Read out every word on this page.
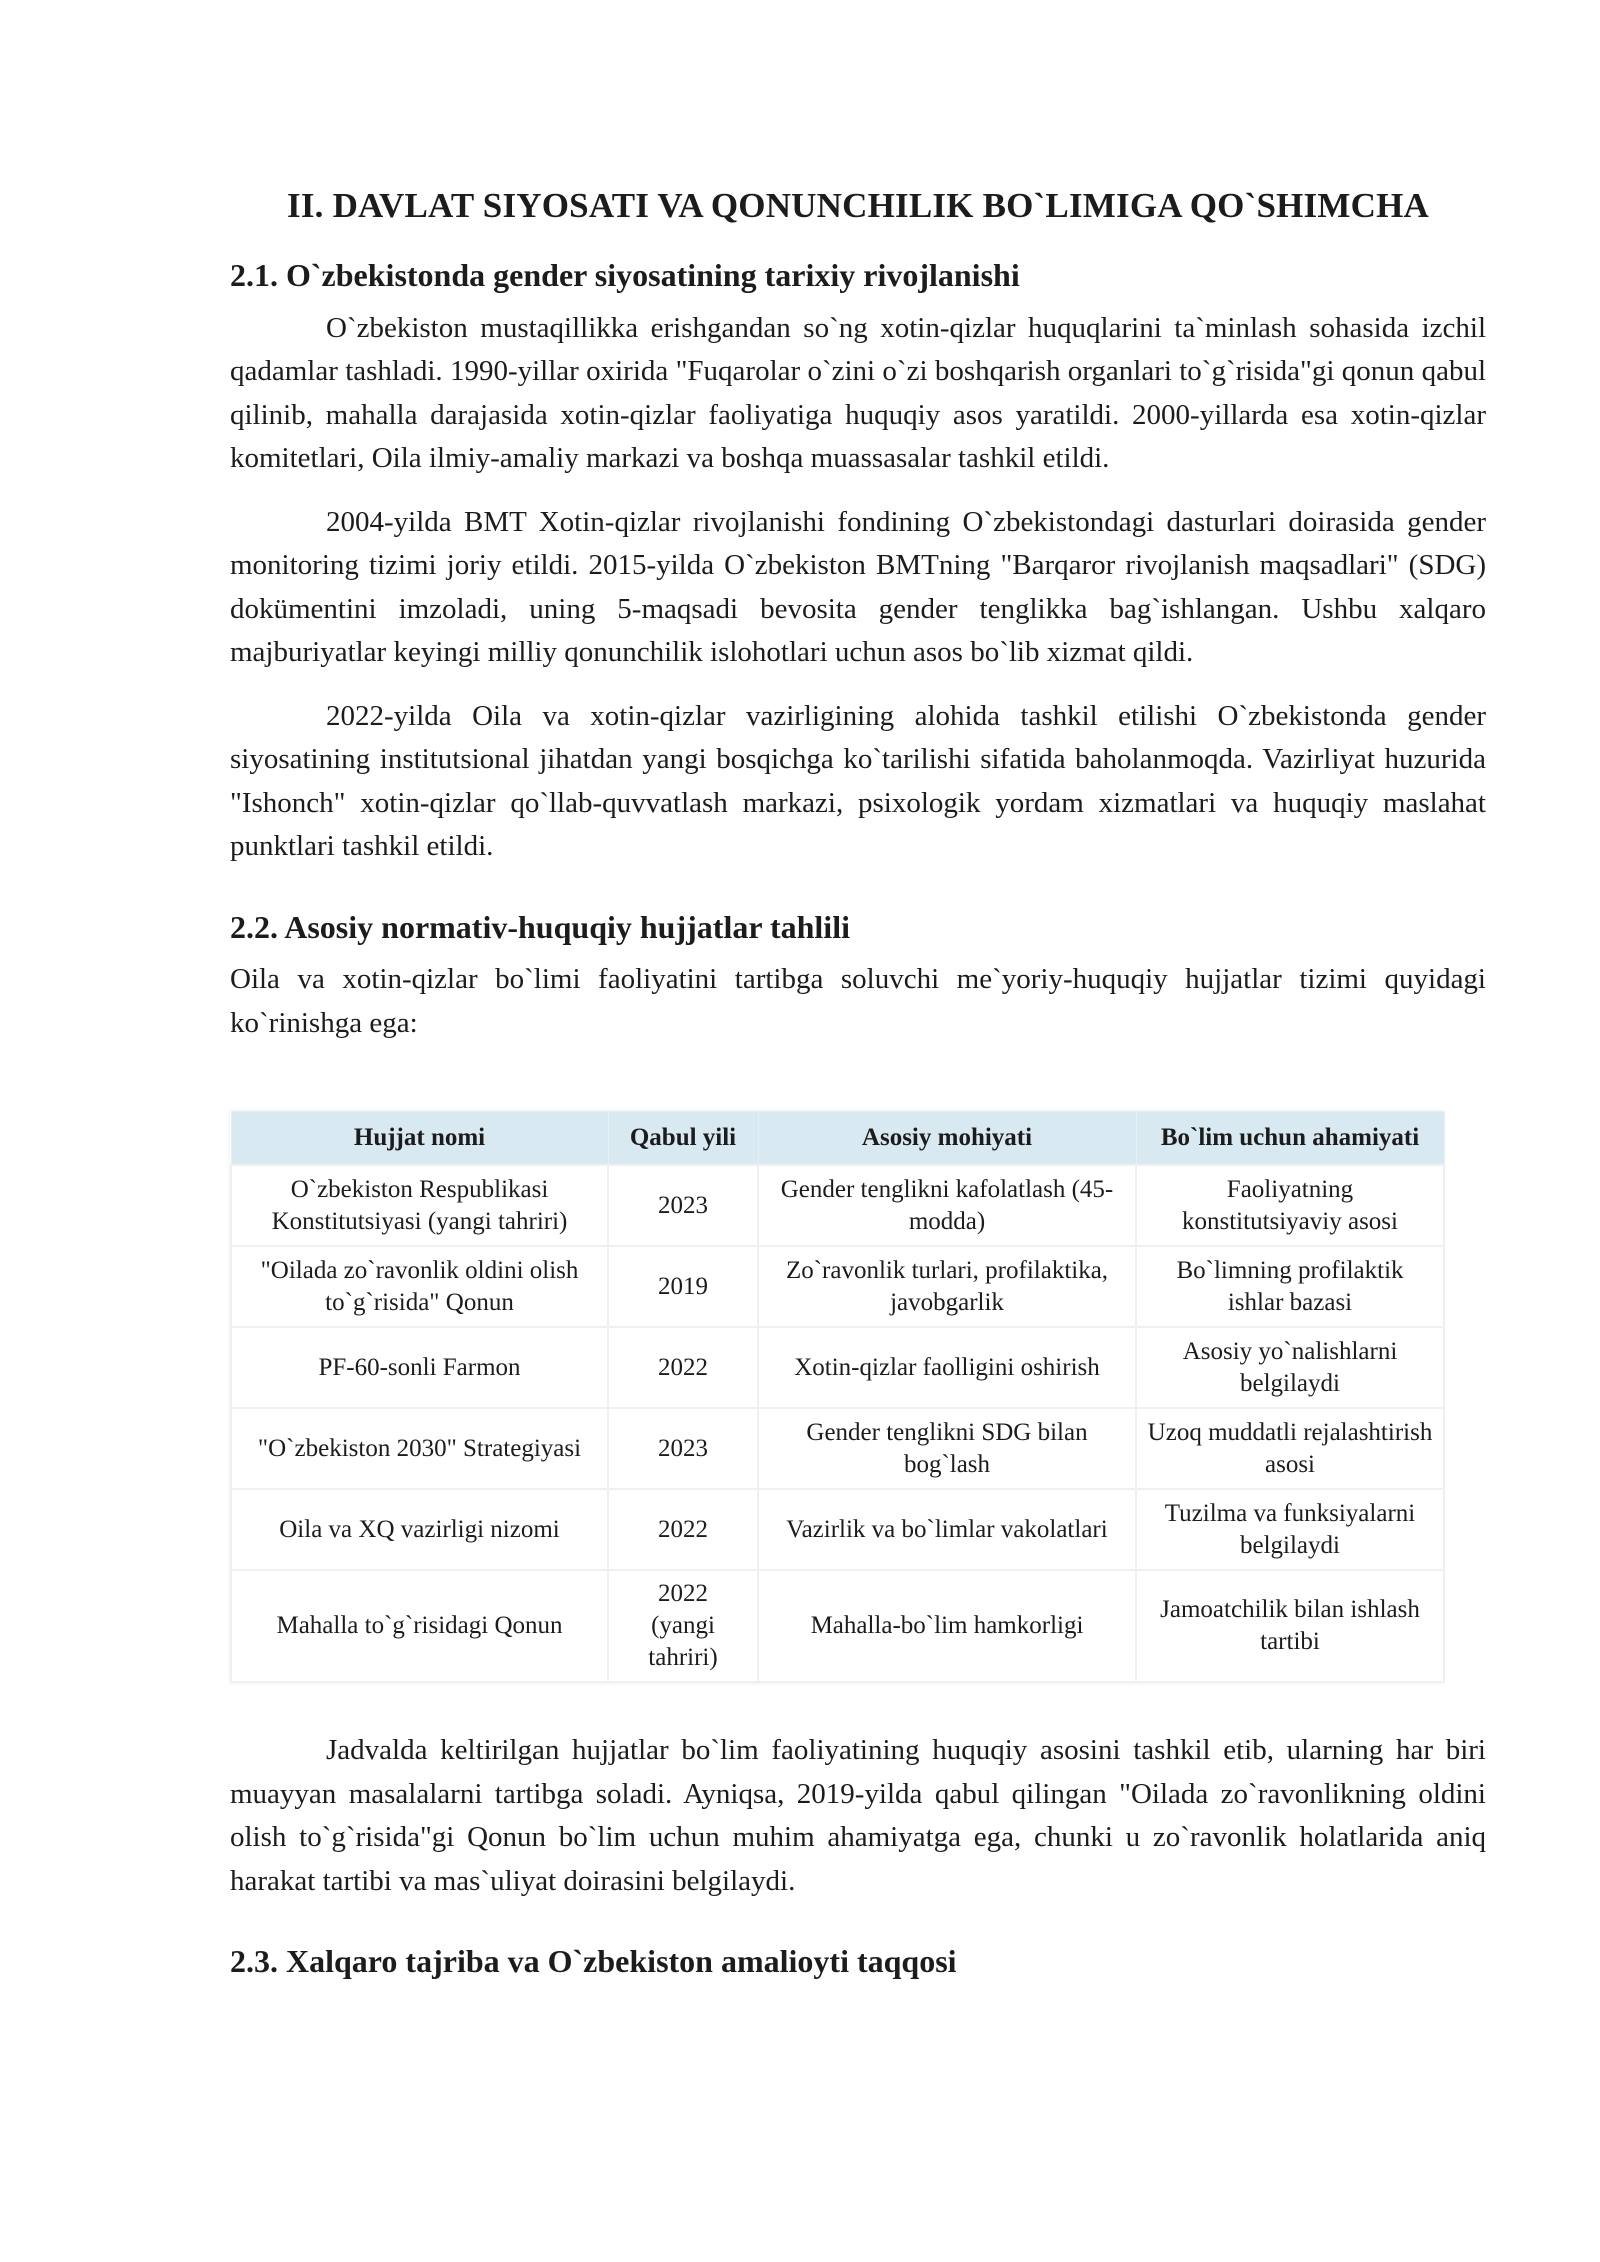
II. DAVLAT SIYOSATI VA QONUNCHILIK BO`LIMIGA QO`SHIMCHA
2.1. O`zbekistonda gender siyosatining tarixiy rivojlanishi

O`zbekiston mustaqillikka erishgandan so`ng xotin-qizlar huquqlarini ta`minlash sohasida izchil qadamlar tashladi. 1990-yillar oxirida "Fuqarolar o`zini o`zi boshqarish organlari to`g`risida"gi qonun qabul qilinib, mahalla darajasida xotin-qizlar faoliyatiga huquqiy asos yaratildi. 2000-yillarda esa xotin-qizlar komitetlari, Oila ilmiy-amaliy markazi va boshqa muassasalar tashkil etildi.

2004-yilda BMT Xotin-qizlar rivojlanishi fondining O`zbekistondagi dasturlari doirasida gender monitoring tizimi joriy etildi. 2015-yilda O`zbekiston BMTning "Barqaror rivojlanish maqsadlari" (SDG) dokümentini imzoladi, uning 5-maqsadi bevosita gender tenglikka bag`ishlangan. Ushbu xalqaro majburiyatlar keyingi milliy qonunchilik islohotlari uchun asos bo`lib xizmat qildi.

2022-yilda Oila va xotin-qizlar vazirligining alohida tashkil etilishi O`zbekistonda gender siyosatining institutsional jihatdan yangi bosqichga ko`tarilishi sifatida baholanmoqda. Vazirliyat huzurida "Ishonch" xotin-qizlar qo`llab-quvvatlash markazi, psixologik yordam xizmatlari va huquqiy maslahat punktlari tashkil etildi.

2.2. Asosiy normativ-huquqiy hujjatlar tahlili

Oila va xotin-qizlar bo`limi faoliyatini tartibga soluvchi me`yoriy-huquqiy hujjatlar tizimi quyidagi ko`rinishga ega:

Hujjat nomi	Qabul yili	Asosiy mohiyati	Bo`lim uchun ahamiyati
O`zbekiston Respublikasi Konstitutsiyasi (yangi tahriri)	2023	Gender tenglikni kafolatlash (45-modda)	Faoliyatning konstitutsiyaviy asosi
"Oilada zo`ravonlik oldini olish to`g`risida" Qonun	2019	Zo`ravonlik turlari, profilaktika, javobgarlik	Bo`limning profilaktik ishlar bazasi
PF-60-sonli Farmon	2022	Xotin-qizlar faolligini oshirish	Asosiy yo`nalishlarni belgilaydi
"O`zbekiston 2030" Strategiyasi	2023	Gender tenglikni SDG bilan bog`lash	Uzoq muddatli rejalashtirish asosi
Oila va XQ vazirligi nizomi	2022	Vazirlik va bo`limlar vakolatlari	Tuzilma va funksiyalarni belgilaydi
Mahalla to`g`risidagi Qonun	2022 (yangi tahriri)	Mahalla-bo`lim hamkorligi	Jamoatchilik bilan ishlash tartibi

Jadvalda keltirilgan hujjatlar bo`lim faoliyatining huquqiy asosini tashkil etib, ularning har biri muayyan masalalarni tartibga soladi. Ayniqsa, 2019-yilda qabul qilingan "Oilada zo`ravonlikning oldini olish to`g`risida"gi Qonun bo`lim uchun muhim ahamiyatga ega, chunki u zo`ravonlik holatlarida aniq harakat tartibi va mas`uliyat doirasini belgilaydi.

2.3. Xalqaro tajriba va O`zbekiston amalioyti taqqosi
